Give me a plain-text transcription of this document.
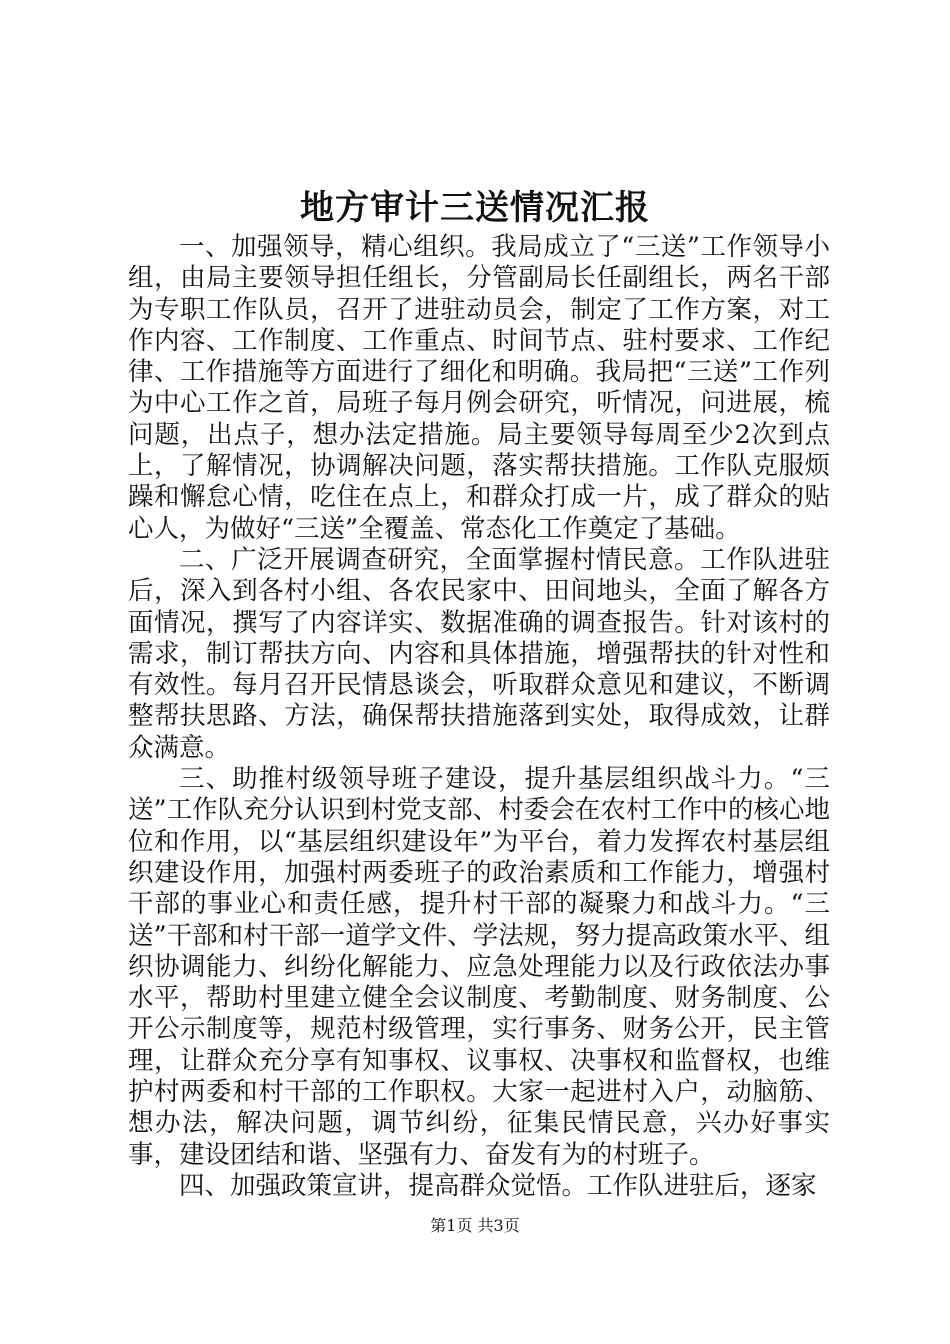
地方审计三送情况汇报

一、加强领导，精心组织。我局成立了“三送”工作领导小组，由局主要领导担任组长，分管副局长任副组长，两名干部为专职工作队员，召开了进驻动员会，制定了工作方案，对工作内容、工作制度、工作重点、时间节点、驻村要求、工作纪律、工作措施等方面进行了细化和明确。我局把“三送”工作列为中心工作之首，局班子每月例会研究，听情况，问进展，梳问题，出点子，想办法定措施。局主要领导每周至少2次到点上，了解情况，协调解决问题，落实帮扶措施。工作队克服烦躁和懈怠心情，吃住在点上，和群众打成一片，成了群众的贴心人，为做好“三送”全覆盖、常态化工作奠定了基础。

二、广泛开展调查研究，全面掌握村情民意。工作队进驻后，深入到各村小组、各农民家中、田间地头，全面了解各方面情况，撰写了内容详实、数据准确的调查报告。针对该村的需求，制订帮扶方向、内容和具体措施，增强帮扶的针对性和有效性。每月召开民情恳谈会，听取群众意见和建议，不断调整帮扶思路、方法，确保帮扶措施落到实处，取得成效，让群众满意。

三、助推村级领导班子建设，提升基层组织战斗力。“三送”工作队充分认识到村党支部、村委会在农村工作中的核心地位和作用，以“基层组织建设年”为平台，着力发挥农村基层组织建设作用，加强村两委班子的政治素质和工作能力，增强村干部的事业心和责任感，提升村干部的凝聚力和战斗力。“三送”干部和村干部一道学文件、学法规，努力提高政策水平、组织协调能力、纠纷化解能力、应急处理能力以及行政依法办事水平，帮助村里建立健全会议制度、考勤制度、财务制度、公开公示制度等，规范村级管理，实行事务、财务公开，民主管理，让群众充分享有知事权、议事权、决事权和监督权，也维护村两委和村干部的工作职权。大家一起进村入户，动脑筋、想办法，解决问题，调节纠纷，征集民情民意，兴办好事实事，建设团结和谐、坚强有力、奋发有为的村班子。

四、加强政策宣讲，提高群众觉悟。工作队进驻后，逐家

第1页 共3页
